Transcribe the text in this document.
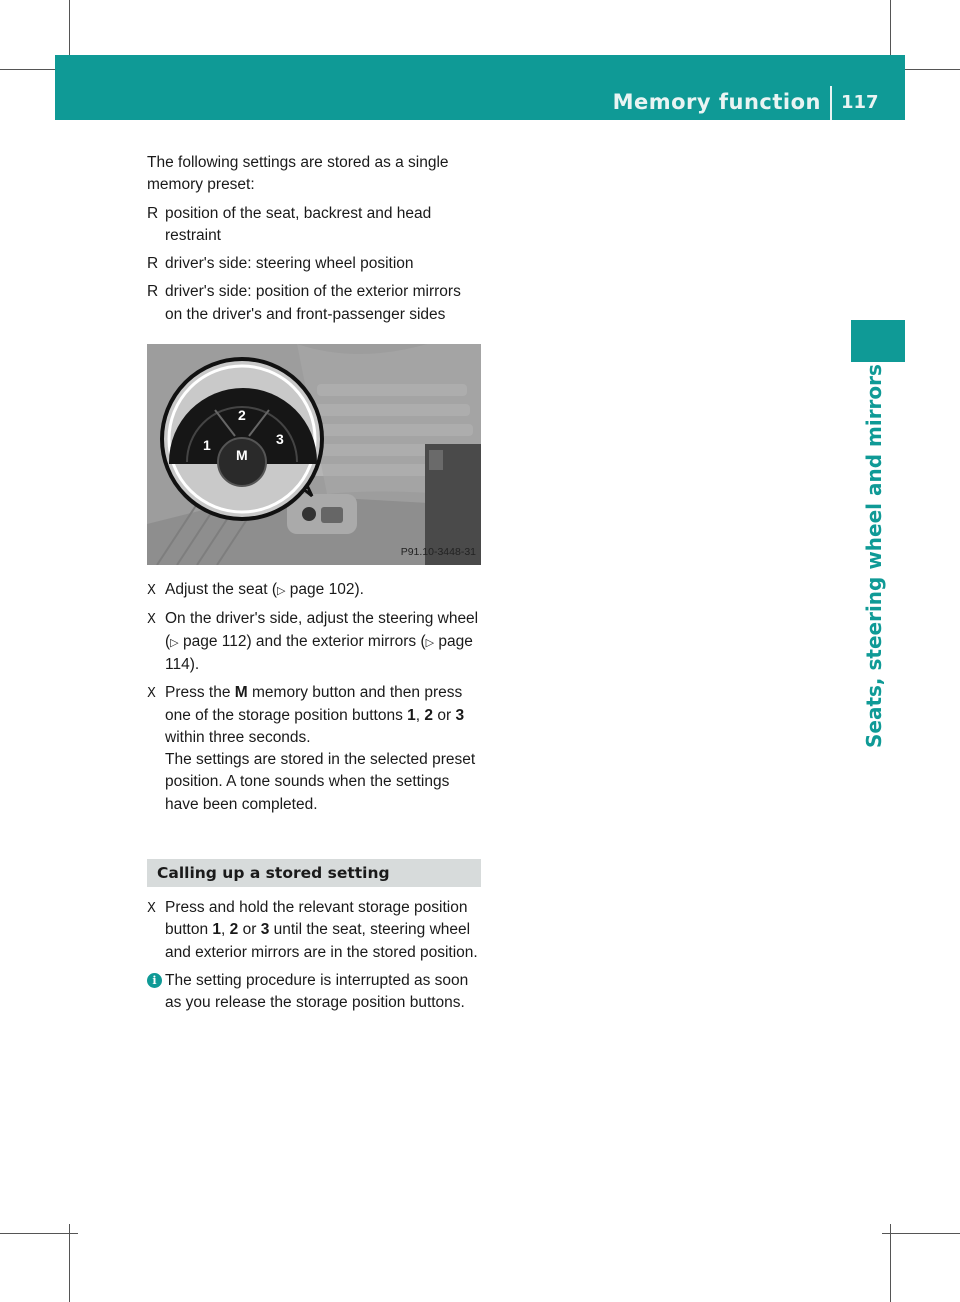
Memory function 117
Seats, steering wheel and mirrors

The following settings are stored as a single memory preset:

R position of the seat, backrest and head restraint
R driver's side: steering wheel position
R driver's side: position of the exterior mirrors on the driver's and front-passenger sides
2
1	3
M
P91.10-3448-31
X Adjust the seat (▷ page 102).
X On the driver's side, adjust the steering wheel (▷ page 112) and the exterior mirrors (▷ page 114).
X Press the M memory button and then press one of the storage position buttons 1, 2 or 3 within three seconds.
The settings are stored in the selected preset position. A tone sounds when the settings have been completed.
Calling up a stored setting
X Press and hold the relevant storage position button 1, 2 or 3 until the seat, steering wheel and exterior mirrors are in the stored position.
i The setting procedure is interrupted as soon as you release the storage position buttons.
